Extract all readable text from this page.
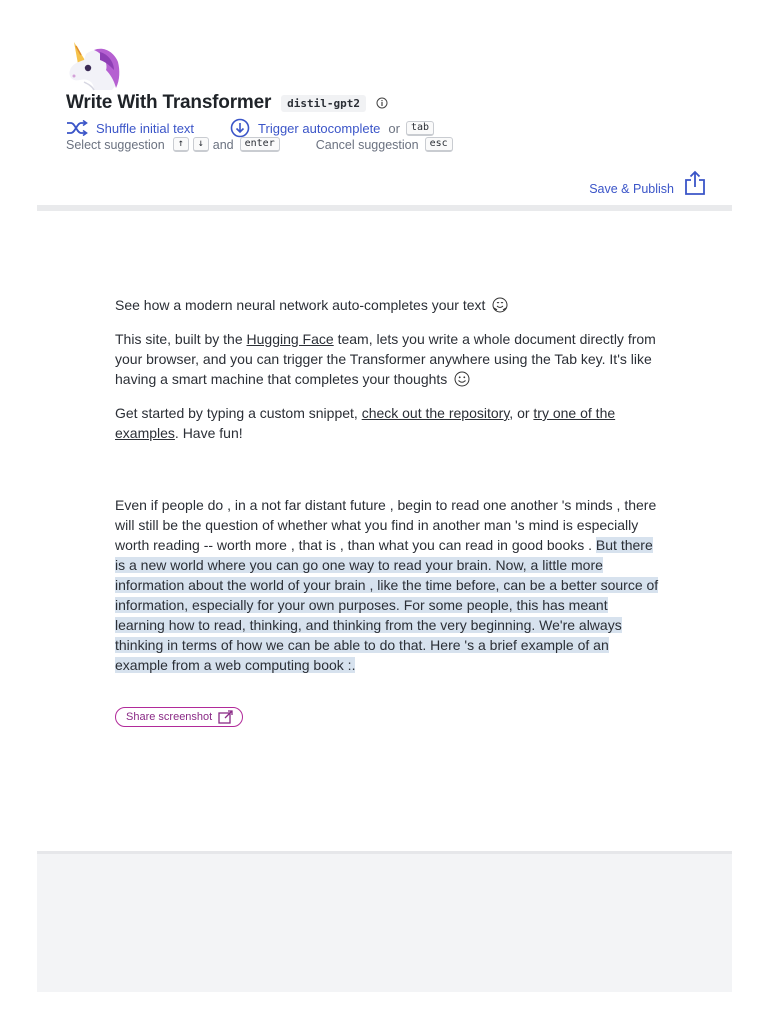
Write With Transformer	distil-gpt2
Shuffle initial text	Trigger autocomplete or	tab
Select suggestion	↑	↓ and	enter	Cancel suggestion	esc
Save & Publish

See how a modern neural network auto-completes your text

This site, built by the Hugging Face team, lets you write a whole document directly from your browser, and you can trigger the Transformer anywhere using the Tab key. It's like having a smart machine that completes your thoughts

Get started by typing a custom snippet, check out the repository, or try one of the examples. Have fun!

Even if people do , in a not far distant future , begin to read one another 's minds , there will still be the question of whether what you find in another man 's mind is especially worth reading -- worth more , that is , than what you can read in good books . But there is a new world where you can go one way to read your brain. Now, a little more information about the world of your brain , like the time before, can be a better source of information, especially for your own purposes. For some people, this has meant learning how to read, thinking, and thinking from the very beginning. We're always thinking in terms of how we can be able to do that. Here 's a brief example of an example from a web computing book :.
Share screenshot
